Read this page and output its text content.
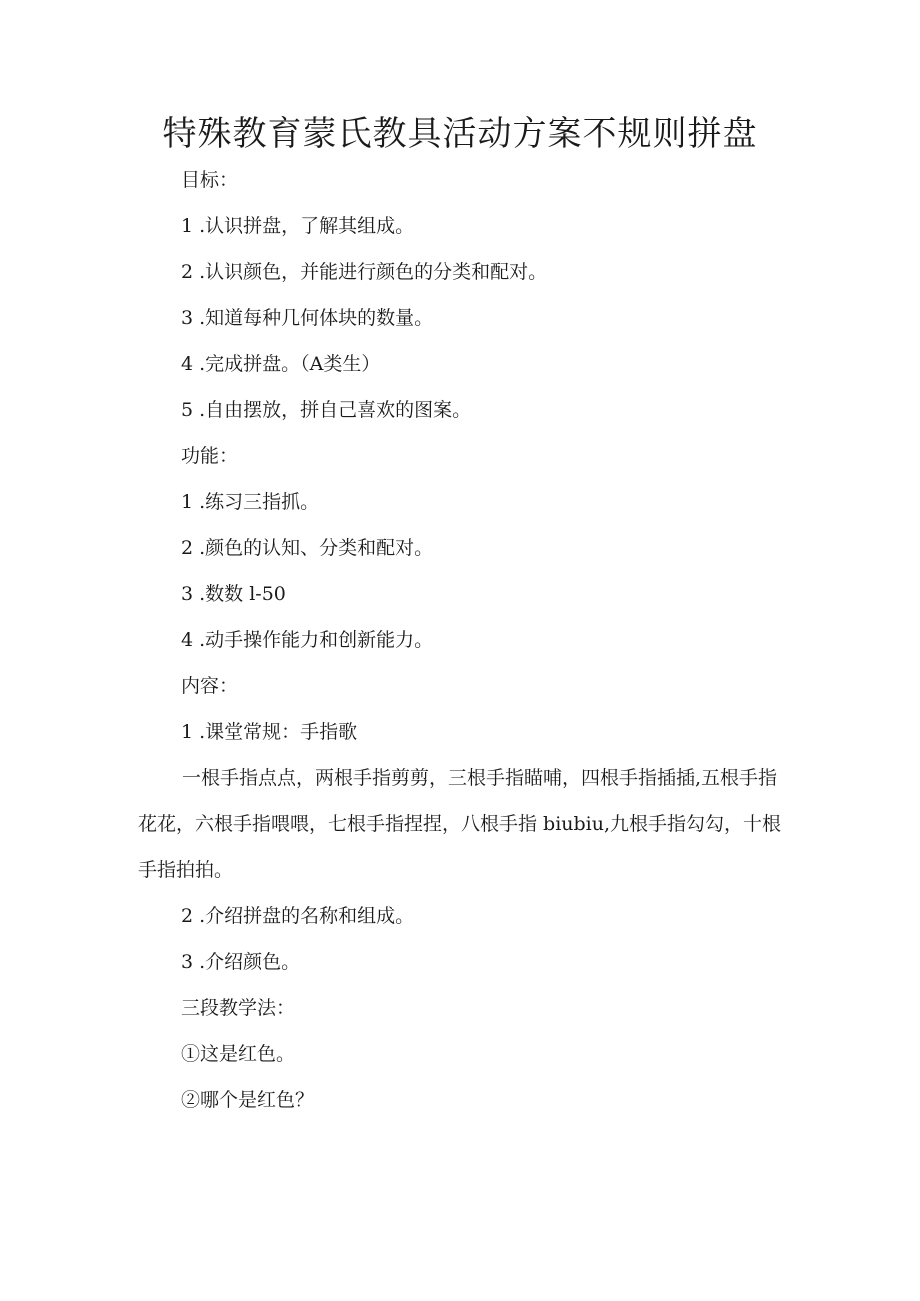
特殊教育蒙氏教具活动方案不规则拼盘
目标：
1 .认识拼盘，了解其组成。
2 .认识颜色，并能进行颜色的分类和配对。
3 .知道每种几何体块的数量。
4 .完成拼盘。（A类生）
5 .自由摆放，拼自己喜欢的图案。
功能：
1 .练习三指抓。
2 .颜色的认知、分类和配对。
3 .数数 l-50
4 .动手操作能力和创新能力。
内容：
1 .课堂常规：手指歌

一根手指点点，两根手指剪剪，三根手指瞄哺，四根手指插插,五根手指花花，六根手指喂喂，七根手指捏捏，八根手指 biubiu,九根手指勾勾，十根手指拍拍。

2 .介绍拼盘的名称和组成。
3 .介绍颜色。
三段教学法：
①这是红色。
②哪个是红色？
